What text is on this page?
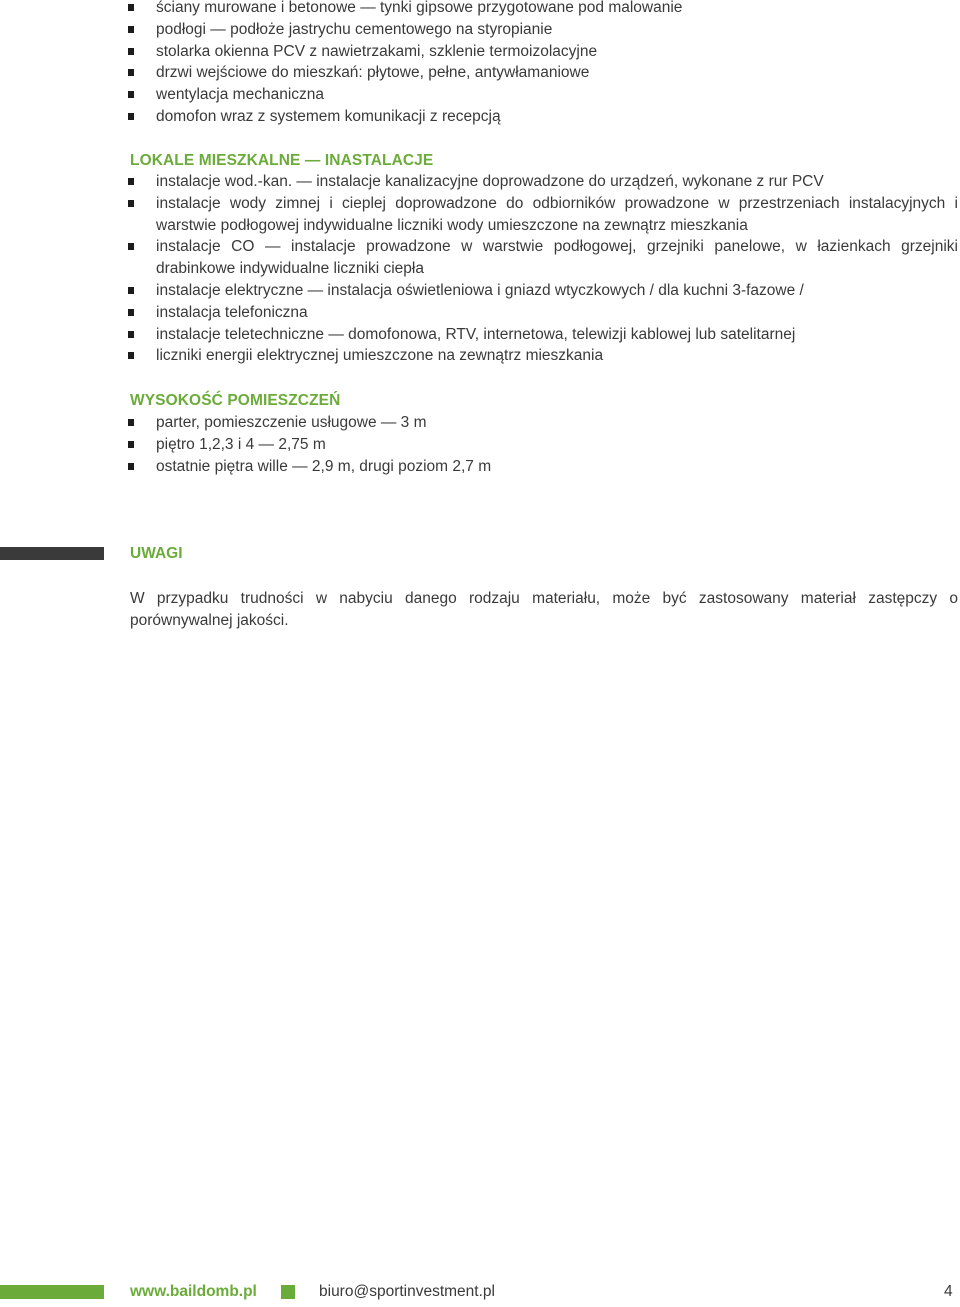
ściany murowane i betonowe — tynki gipsowe przygotowane pod malowanie
podłogi — podłoże jastrychu cementowego na styropianie
stolarka okienna PCV z nawietrzakami, szklenie termoizolacyjne
drzwi wejściowe do mieszkań: płytowe, pełne, antywłamaniowe
wentylacja mechaniczna
domofon wraz z systemem komunikacji z recepcją
LOKALE MIESZKALNE — INASTALACJE
instalacje wod.-kan. — instalacje kanalizacyjne doprowadzone do urządzeń, wykonane z rur PCV
instalacje wody zimnej i cieplej doprowadzone do odbiorników prowadzone w przestrzeniach instalacyjnych i warstwie podłogowej indywidualne liczniki wody umieszczone na zewnątrz mieszkania
instalacje CO — instalacje prowadzone w warstwie podłogowej, grzejniki panelowe, w łazienkach grzejniki drabinkowe indywidualne liczniki ciepła
instalacje elektryczne — instalacja oświetleniowa i gniazd wtyczkowych / dla kuchni 3-fazowe /
instalacja telefoniczna
instalacje teletechniczne — domofonowa, RTV, internetowa, telewizji kablowej lub satelitarnej
liczniki energii elektrycznej umieszczone na zewnątrz mieszkania
WYSOKOŚĆ POMIESZCZEŃ
parter, pomieszczenie usługowe — 3 m
piętro 1,2,3 i 4 — 2,75 m
ostatnie piętra wille — 2,9 m, drugi poziom 2,7 m
UWAGI

W przypadku trudności w nabyciu danego rodzaju materiału, może być zastosowany materiał zastępczy o porównywalnej jakości.

www.baildomb.pl	biuro@sportinvestment.pl	4
